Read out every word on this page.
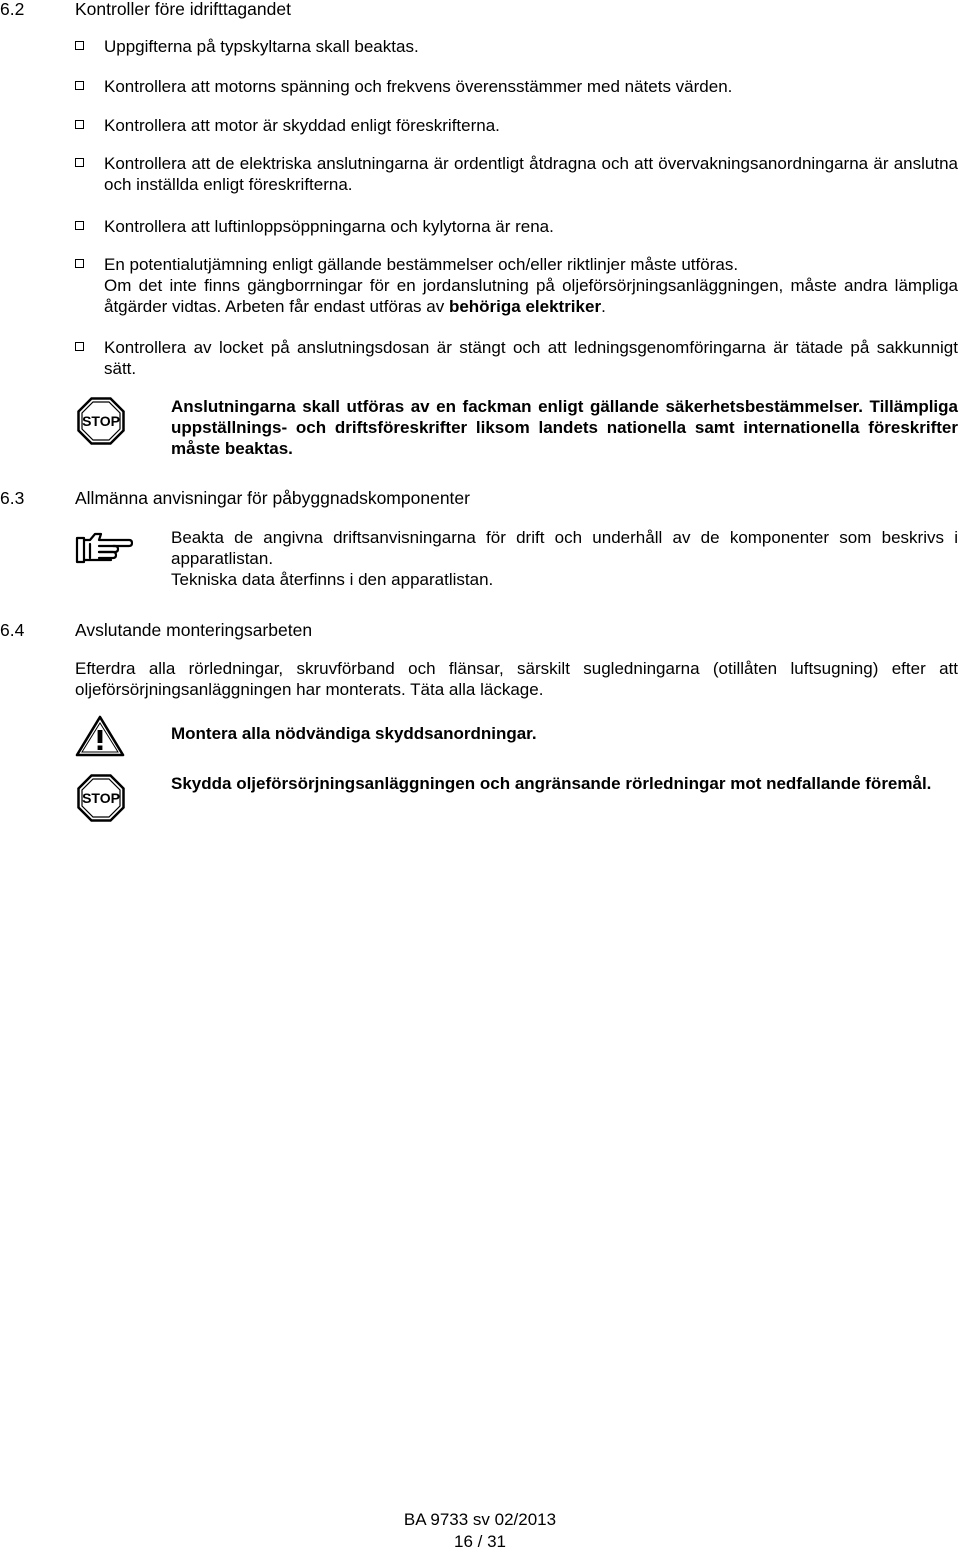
6.2	Kontroller före idrifttagandet
Uppgifterna på typskyltarna skall beaktas.
Kontrollera att motorns spänning och frekvens överensstämmer med nätets värden.
Kontrollera att motor är skyddad enligt föreskrifterna.
Kontrollera att de elektriska anslutningarna är ordentligt åtdragna och att övervakningsanordningarna är anslutna och inställda enligt föreskrifterna.
Kontrollera att luftinloppsöppningarna och kylytorna är rena.
En potentialutjämning enligt gällande bestämmelser och/eller riktlinjer måste utföras.
Om det inte finns gängborrningar för en jordanslutning på oljeförsörjningsanläggningen, måste andra lämpliga åtgärder vidtas. Arbeten får endast utföras av behöriga elektriker.
Kontrollera av locket på anslutningsdosan är stängt och att ledningsgenomföringarna är tätade på sakkunnigt sätt.
STOP
Anslutningarna skall utföras av en fackman enligt gällande säkerhetsbestämmelser. Tillämpliga uppställnings- och driftsföreskrifter liksom landets nationella samt internationella föreskrifter måste beaktas.
6.3	Allmänna anvisningar för påbyggnadskomponenter
Beakta de angivna driftsanvisningarna för drift och underhåll av de komponenter som beskrivs i apparatlistan.
Tekniska data återfinns i den apparatlistan.
6.4	Avslutande monteringsarbeten
Efterdra alla rörledningar, skruvförband och flänsar, särskilt sugledningarna (otillåten luftsugning) efter att oljeförsörjningsanläggningen har monterats. Täta alla läckage.
Montera alla nödvändiga skyddsanordningar.
STOP
Skydda oljeförsörjningsanläggningen och angränsande rörledningar mot nedfallande föremål.
BA 9733 sv 02/2013
16 / 31
